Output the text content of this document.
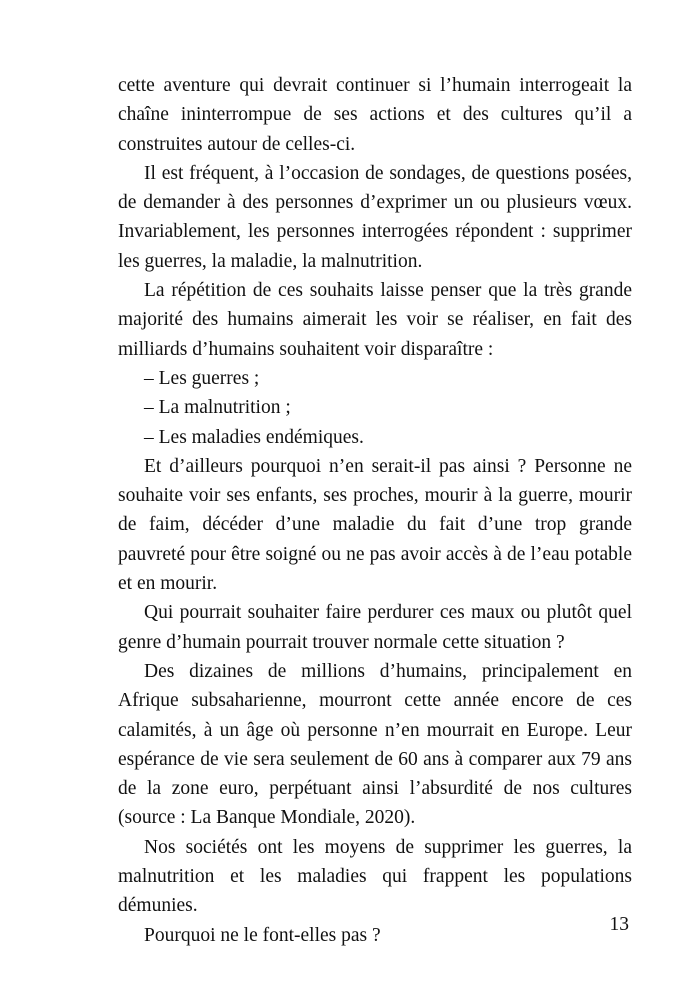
cette aventure qui devrait continuer si l’humain interrogeait la chaîne ininterrompue de ses actions et des cultures qu’il a construites autour de celles-ci.

Il est fréquent, à l’occasion de sondages, de questions posées, de demander à des personnes d’exprimer un ou plusieurs vœux. Invariablement, les personnes interrogées répondent : supprimer les guerres, la maladie, la malnutrition.

La répétition de ces souhaits laisse penser que la très grande majorité des humains aimerait les voir se réaliser, en fait des milliards d’humains souhaitent voir disparaître :

– Les guerres ;

– La malnutrition ;

– Les maladies endémiques.

Et d’ailleurs pourquoi n’en serait-il pas ainsi ? Personne ne souhaite voir ses enfants, ses proches, mourir à la guerre, mourir de faim, décéder d’une maladie du fait d’une trop grande pauvreté pour être soigné ou ne pas avoir accès à de l’eau potable et en mourir.

Qui pourrait souhaiter faire perdurer ces maux ou plutôt quel genre d’humain pourrait trouver normale cette situation ?

Des dizaines de millions d’humains, principalement en Afrique subsaharienne, mourront cette année encore de ces calamités, à un âge où personne n’en mourrait en Europe. Leur espérance de vie sera seulement de 60 ans à comparer aux 79 ans de la zone euro, perpétuant ainsi l’absurdité de nos cultures (source : La Banque Mondiale, 2020).

Nos sociétés ont les moyens de supprimer les guerres, la malnutrition et les maladies qui frappent les populations démunies.

Pourquoi ne le font-elles pas ?

13
